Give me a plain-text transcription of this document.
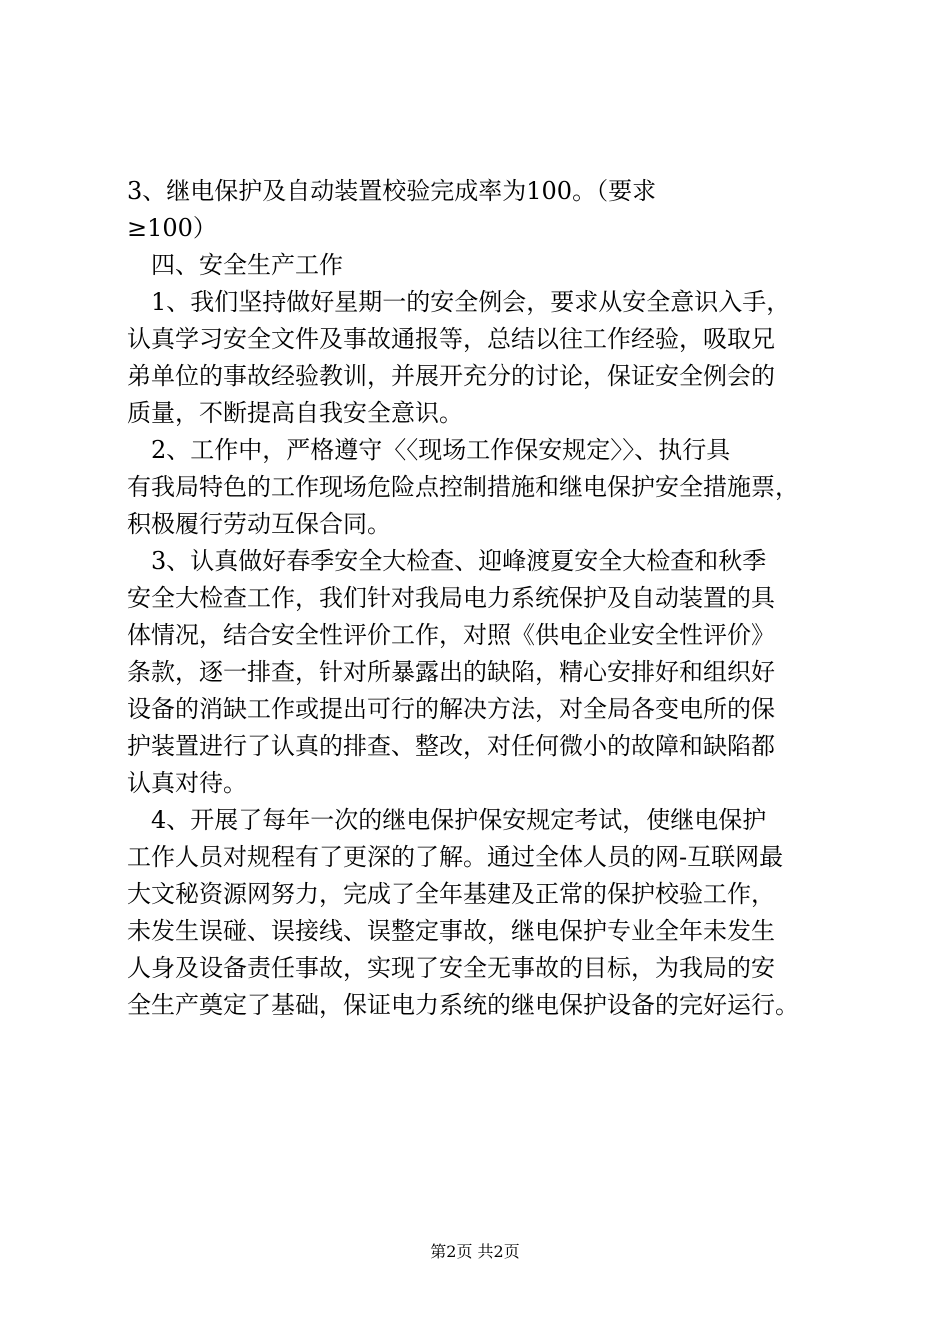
3、继电保护及自动装置校验完成率为100。（要求
≥100）
　四、安全生产工作
　1、我们坚持做好星期一的安全例会，要求从安全意识入手，
认真学习安全文件及事故通报等，总结以往工作经验，吸取兄
弟单位的事故经验教训，并展开充分的讨论，保证安全例会的
质量，不断提高自我安全意识。
　2、工作中，严格遵守〈〈现场工作保安规定〉〉、执行具
有我局特色的工作现场危险点控制措施和继电保护安全措施票，
积极履行劳动互保合同。
　3、认真做好春季安全大检查、迎峰渡夏安全大检查和秋季
安全大检查工作，我们针对我局电力系统保护及自动装置的具
体情况，结合安全性评价工作，对照《供电企业安全性评价》
条款，逐一排查，针对所暴露出的缺陷，精心安排好和组织好
设备的消缺工作或提出可行的解决方法，对全局各变电所的保
护装置进行了认真的排查、整改，对任何微小的故障和缺陷都
认真对待。
　4、开展了每年一次的继电保护保安规定考试，使继电保护
工作人员对规程有了更深的了解。通过全体人员的网-互联网最
大文秘资源网努力，完成了全年基建及正常的保护校验工作，
未发生误碰、误接线、误整定事故，继电保护专业全年未发生
人身及设备责任事故，实现了安全无事故的目标，为我局的安
全生产奠定了基础，保证电力系统的继电保护设备的完好运行。
第2页 共2页
